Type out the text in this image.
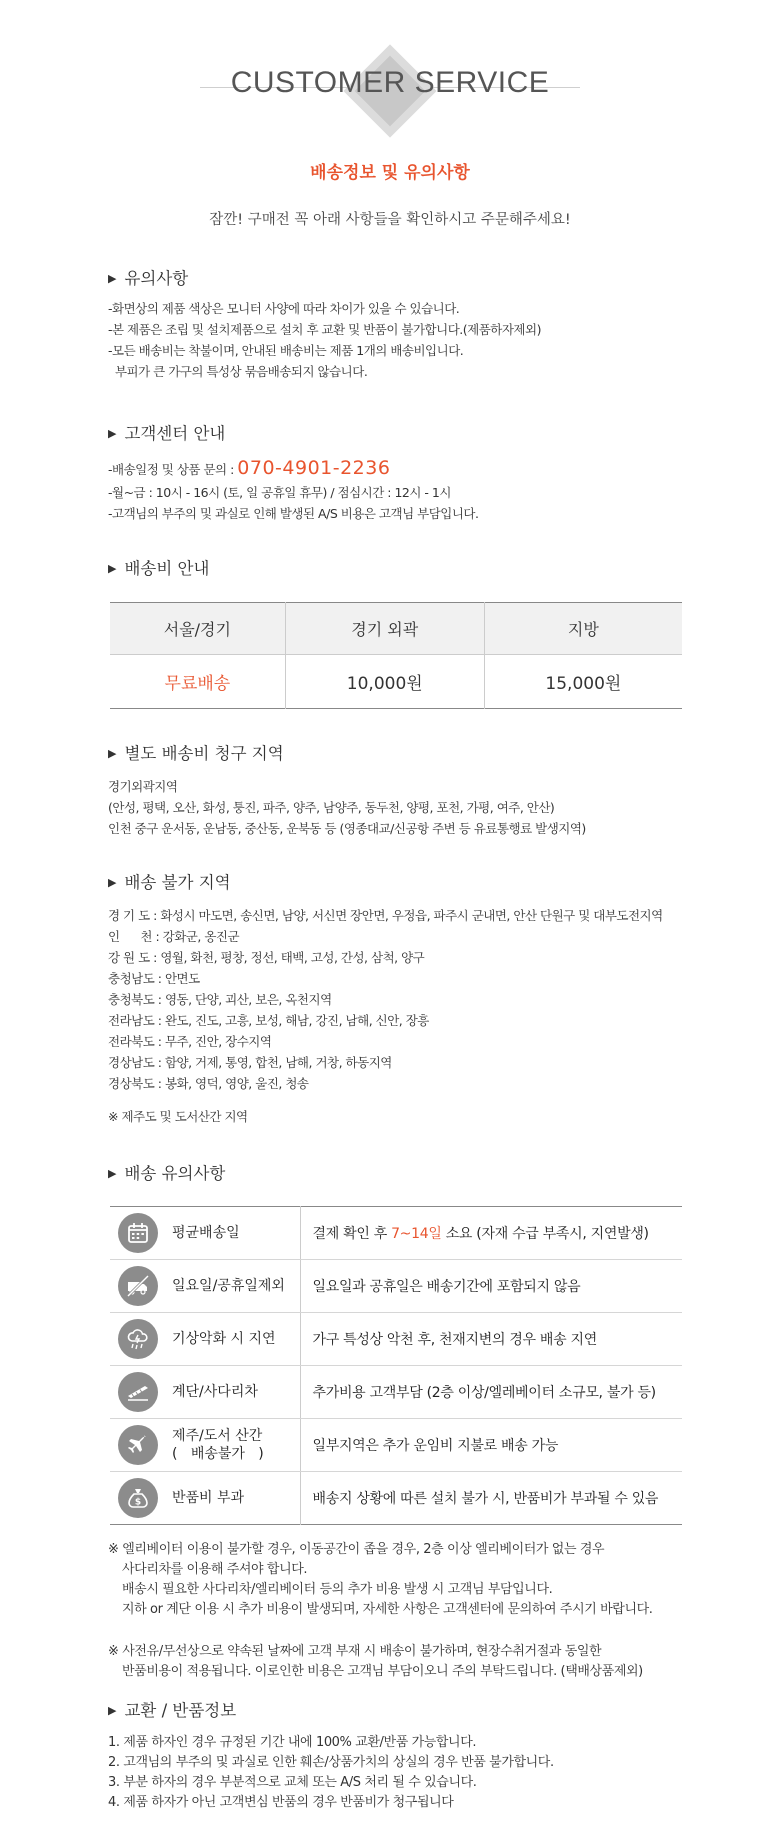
CUSTOMER SERVICE
배송정보 및 유의사항
잠깐! 구매전 꼭 아래 사항들을 확인하시고 주문해주세요!
▶ 유의사항
-화면상의 제품 색상은 모니터 사양에 따라 차이가 있을 수 있습니다.
-본 제품은 조립 및 설치제품으로 설치 후 교환 및 반품이 불가합니다.(제품하자제외)
-모든 배송비는 착불이며, 안내된 배송비는 제품 1개의 배송비입니다.
부피가 큰 가구의 특성상 묶음배송되지 않습니다.
▶ 고객센터 안내
-배송일정 및 상품 문의 : 070-4901-2236
-월~금 : 10시 - 16시 (토, 일 공휴일 휴무) / 점심시간 : 12시 - 1시
-고객님의 부주의 및 과실로 인해 발생된 A/S 비용은 고객님 부담입니다.
▶ 배송비 안내
서울/경기	경기 외곽	지방
무료배송	10,000원	15,000원
▶ 별도 배송비 청구 지역
경기외곽지역
(안성, 평택, 오산, 화성, 퉁진, 파주, 양주, 남양주, 동두천, 양평, 포천, 가평, 여주, 안산)
인천 중구 운서동, 운남동, 중산동, 운북동 등 (영종대교/신공항 주변 등 유료통행료 발생지역)
▶ 배송 불가 지역
경 기 도 : 화성시 마도면, 송신면, 남양, 서신면 장안면, 우정읍, 파주시 군내면, 안산 단원구 및 대부도전지역
인      천 : 강화군, 옹진군
강 원 도 : 영월, 화천, 평창, 정선, 태백, 고성, 간성, 삼척, 양구
충청남도 : 안면도
충청북도 : 영동, 단양, 괴산, 보은, 옥천지역
전라남도 : 완도, 진도, 고흥, 보성, 해남, 강진, 남해, 신안, 장흥
전라북도 : 무주, 진안, 장수지역
경상남도 : 함양, 거제, 통영, 합천, 남해, 거창, 하동지역
경상북도 : 봉화, 영덕, 영양, 울진, 청송
※ 제주도 및 도서산간 지역
▶ 배송 유의사항
평균배송일	결제 확인 후 7~14일 소요 (자재 수급 부족시, 지연발생)

일요일/공휴일제외	일요일과 공휴일은 배송기간에 포함되지 않음

기상악화 시 지연	가구 특성상 악천 후, 천재지변의 경우 배송 지연

계단/사다리차	추가비용 고객부담 (2층 이상/엘레베이터 소규모, 불가 등)

제주/도서 산간
(   배송불가   )	일부지역은 추가 운임비 지불로 배송 가능

$ 반품비 부과	배송지 상황에 따른 설치 불가 시, 반품비가 부과될 수 있음
※ 엘리베이터 이용이 불가할 경우, 이동공간이 좁을 경우, 2층 이상 엘리베이터가 없는 경우
사다리차를 이용해 주셔야 합니다.
배송시 필요한 사다리차/엘리베이터 등의 추가 비용 발생 시 고객님 부담입니다.
지하 or 계단 이용 시 추가 비용이 발생되며, 자세한 사항은 고객센터에 문의하여 주시기 바랍니다.
※ 사전유/무선상으로 약속된 날짜에 고객 부재 시 배송이 불가하며, 현장수취거절과 동일한
반품비용이 적용됩니다. 이로인한 비용은 고객님 부담이오니 주의 부탁드립니다. (택배상품제외)
▶ 교환 / 반품정보
1. 제품 하자인 경우 규정된 기간 내에 100% 교환/반품 가능합니다.
2. 고객님의 부주의 및 과실로 인한 훼손/상품가치의 상실의 경우 반품 불가합니다.
3. 부분 하자의 경우 부분적으로 교체 또는 A/S 처리 될 수 있습니다.
4. 제품 하자가 아닌 고객변심 반품의 경우 반품비가 청구됩니다
